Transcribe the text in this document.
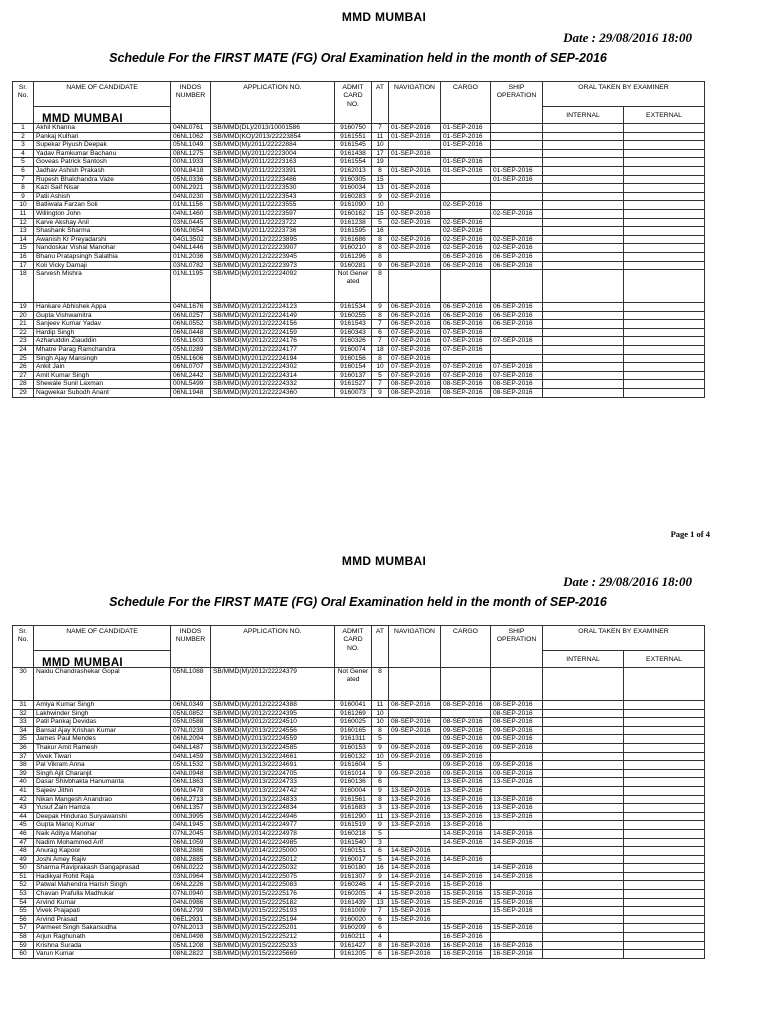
MMD MUMBAI
Date : 29/08/2016 18:00
Schedule For the FIRST MATE (FG) Oral Examination held in the month of SEP-2016
Sr. No.	NAME OF CANDIDATE	INDOS NUMBER	APPLICATION NO.	ADMIT CARD NO.	AT	NAVIGATION	CARGO	SHIP OPERATION	ORAL TAKEN BY EXAMINER	
	MMD MUMBAI								INTERNAL	EXTERNAL
1	Akhil Khanna	04NL0761	SB/MMD(DL)/2013/10001586	9160750	7	01-SEP-2016	01-SEP-2016			
2	Pankaj Kulhari	06NL1062	SB/MMD(KO)/2013/22223854	9161551	11	01-SEP-2016	01-SEP-2016			
3	Supekar Piyush Deepak	05NL1049	SB/MMD(M)/2011/22222884	9161545	10		01-SEP-2016			
4	Yadav Ramkumar Bachanu	08NL1275	SB/MMD(M)/2011/22223004	9161438	17	01-SEP-2016				
5	Goveas Patrick Santosh	00NL1933	SB/MMD(M)/2011/22223163	9161554	19		01-SEP-2016			
6	Jadhav Ashish Prakash	00NL8418	SB/MMD(M)/2011/22223391	9162013	8	01-SEP-2016	01-SEP-2016	01-SEP-2016		
7	Rupesh Bhalchandra Vaze	05NL0336	SB/MMD(M)/2011/22223486	9160305	15			01-SEP-2016		
8	Kazi Saif Nisar	00NL2921	SB/MMD(M)/2011/22223530	9160034	13	01-SEP-2016				
9	Patil Ashish	04NL0230	SB/MMD(M)/2011/22223543	9160283	9	02-SEP-2016				
10	Batliwala Farzan Soli	01NL1156	SB/MMD(M)/2011/22223555	9161090	10		02-SEP-2016			
11	Willington John	04NL1460	SB/MMD(M)/2011/22223597	9160162	15	02-SEP-2016		02-SEP-2016		
12	Karve Akshay Anil	03NL0445	SB/MMD(M)/2011/22223722	9161238	5	02-SEP-2016	02-SEP-2016			
13	Shashank Sharma	06NL0654	SB/MMD(M)/2011/22223736	9161595	16		02-SEP-2016			
14	Awanish Kr Preyadarshi	04GL3502	SB/MMD(M)/2012/22223895	9161686	8	02-SEP-2016	02-SEP-2016	02-SEP-2016		
15	Nandoskar Vishal Manohar	04NL1446	SB/MMD(M)/2012/22223907	9160210	8	02-SEP-2016	02-SEP-2016	02-SEP-2016		
16	Bhanu Pratapsingh Salathia	01NL2036	SB/MMD(M)/2012/22223945	9161296	8		06-SEP-2016	06-SEP-2016		
17	Koli Vicky Damaji	03NL0782	SB/MMD(M)/2012/22223973	9160281	9	06-SEP-2016	06-SEP-2016	06-SEP-2016		
18	Sarvesh Mishra	01NL1195	SB/MMD(M)/2012/22224092	Not Generated	8					
19	Hankare Abhishek Appa	04NL1676	SB/MMD(M)/2012/22224123	9161534	9	06-SEP-2016	06-SEP-2016	06-SEP-2016		
20	Gupta Vishwamitra	06NL0257	SB/MMD(M)/2012/22224149	9160255	8	06-SEP-2016	06-SEP-2016	06-SEP-2016		
21	Sanjeev Kumar Yadav	06NL0552	SB/MMD(M)/2012/22224156	9161543	7	06-SEP-2016	06-SEP-2016	06-SEP-2016		
22	Hardip Singh	06NL0448	SB/MMD(M)/2012/22224159	9160343	6	07-SEP-2016	07-SEP-2016			
23	Azharuddin Ziauddin	05NL1603	SB/MMD(M)/2012/22224176	9160326	7	07-SEP-2016	07-SEP-2016	07-SEP-2016		
24	Mhatre Parag Ramchandra	05NL0289	SB/MMD(M)/2012/22224177	9160074	18	07-SEP-2016	07-SEP-2016			
25	Singh Ajay Mansingh	05NL1606	SB/MMD(M)/2012/22224194	9160156	8	07-SEP-2016				
26	Ankit Jain	06NL0707	SB/MMD(M)/2012/22224302	9160154	10	07-SEP-2016	07-SEP-2016	07-SEP-2016		
27	Amit Kumar Singh	06NL2442	SB/MMD(M)/2012/22224314	9160137	5	07-SEP-2016	07-SEP-2016	07-SEP-2016		
28	Shewale Sunil Laxman	00NL5499	SB/MMD(M)/2012/22224332	9161527	7	08-SEP-2016	08-SEP-2016	08-SEP-2016		
29	Nagwekar Subodh Anant	06NL1948	SB/MMD(M)/2012/22224360	9160073	9	08-SEP-2016	08-SEP-2016	08-SEP-2016		
Page 1 of 4
MMD MUMBAI
Date : 29/08/2016 18:00
Schedule For the FIRST MATE (FG) Oral Examination held in the month of SEP-2016
Sr. No.	NAME OF CANDIDATE	INDOS NUMBER	APPLICATION NO.	ADMIT CARD NO.	AT	NAVIGATION	CARGO	SHIP OPERATION	ORAL TAKEN BY EXAMINER	
	MMD MUMBAI								INTERNAL	EXTERNAL
30	Naidu Chandrashekar Gopal	05NL1088	SB/MMD(M)/2012/22224379	Not Generated	8					
31	Amiya Kumar Singh	06NL0349	SB/MMD(M)/2012/22224388	9160041	11	08-SEP-2016	08-SEP-2016	08-SEP-2016		
32	Lakhwinder Singh	05NL0852	SB/MMD(M)/2012/22224395	9161269	10			08-SEP-2016		
33	Patil Pankaj Devidas	05NL0588	SB/MMD(M)/2012/22224510	9160025	10	08-SEP-2016	08-SEP-2016	08-SEP-2016		
34	Bansal Ajay Krishan Kumar	07NL0239	SB/MMD(M)/2013/22224556	9160165	8	09-SEP-2016	09-SEP-2016	09-SEP-2016		
35	James Paul Mendes	06NL2094	SB/MMD(M)/2013/22224559	9161311	5		09-SEP-2016	09-SEP-2016		
36	Thakur Amit Ramesh	04NL1487	SB/MMD(M)/2013/22224585	9160153	9	09-SEP-2016	09-SEP-2016	09-SEP-2016		
37	Vivek Tiwari	04NL1459	SB/MMD(M)/2013/22224661	9160132	10	09-SEP-2016	09-SEP-2016			
38	Pal Vikram Anna	05NL1532	SB/MMD(M)/2013/22224691	9161604	5		09-SEP-2016	09-SEP-2016		
39	Singh Ajit Charanjit	04NL0948	SB/MMD(M)/2013/22224705	9161014	9	09-SEP-2016	09-SEP-2016	09-SEP-2016		
40	Dasar Shivbhakta Hanumanta	06NL1863	SB/MMD(M)/2013/22224733	9160136	6		13-SEP-2016	13-SEP-2016		
41	Sajeev Jithin	06NL0478	SB/MMD(M)/2013/22224742	9160004	9	13-SEP-2016	13-SEP-2016			
42	Nikan Mangesh Anandrao	06NL2713	SB/MMD(M)/2013/22224833	9161561	8	13-SEP-2016	13-SEP-2016	13-SEP-2016		
43	Yusuf Zain Hamza	06NL1357	SB/MMD(M)/2013/22224834	9161683	3	13-SEP-2016	13-SEP-2016	13-SEP-2016		
44	Deepak Hindurao Suryawanshi	00NL3995	SB/MMD(M)/2014/22224946	9161290	11	13-SEP-2016	13-SEP-2016	13-SEP-2016		
45	Gupta Manoj Kumar	04NL1945	SB/MMD(M)/2014/22224977	9161519	9	13-SEP-2016	13-SEP-2016			
46	Naik Aditya Manohar	07NL2045	SB/MMD(M)/2014/22224978	9160218	5		14-SEP-2016	14-SEP-2016		
47	Nadim Mohammed Arif	06NL1059	SB/MMD(M)/2014/22224985	9161540	3		14-SEP-2016	14-SEP-2016		
48	Anurag Kapoor	08NL2886	SB/MMD(M)/2014/22225000	9160151	6	14-SEP-2016				
49	Joshi Amey Rajiv	08NL2885	SB/MMD(M)/2014/22225012	9160017	5	14-SEP-2016	14-SEP-2016			
50	Sharma Raviprakash Gangaprasad	06NL0222	SB/MMD(M)/2014/22225032	9160180	16	14-SEP-2016		14-SEP-2016		
51	Hadikyal Rohit Raja	03NL0964	SB/MMD(M)/2014/22225075	9161307	9	14-SEP-2016	14-SEP-2016	14-SEP-2016		
52	Patwal Mahendra Harish Singh	06NL2226	SB/MMD(M)/2014/22225083	9160246	4	15-SEP-2016	15-SEP-2016			
53	Chavan Prafulla Madhukar	07NL0940	SB/MMD(M)/2015/22225176	9160205	4	15-SEP-2016	15-SEP-2016	15-SEP-2016		
54	Arvind Kumar	04NL0986	SB/MMD(M)/2015/22225182	9161439	13	15-SEP-2016	15-SEP-2016	15-SEP-2016		
55	Vivek Prajapati	06NL2799	SB/MMD(M)/2015/22225193	9161009	7	15-SEP-2016		15-SEP-2016		
56	Arvind Prasad	06EL2931	SB/MMD(M)/2015/22225194	9160020	6	15-SEP-2016				
57	Parmeet Singh Sakarsudha	07NL2013	SB/MMD(M)/2015/22225201	9160209	6		15-SEP-2016	15-SEP-2016		
58	Arjun Raghunath	06NL0498	SB/MMD(M)/2015/22225212	9160211	4		16-SEP-2016			
59	Krishna Surada	05NL1208	SB/MMD(M)/2015/22225233	9161427	8	16-SEP-2016	16-SEP-2016	16-SEP-2016		
60	Varun Kumar	08NL2822	SB/MMD(M)/2015/22225669	9161205	6	16-SEP-2016	16-SEP-2016	16-SEP-2016		
